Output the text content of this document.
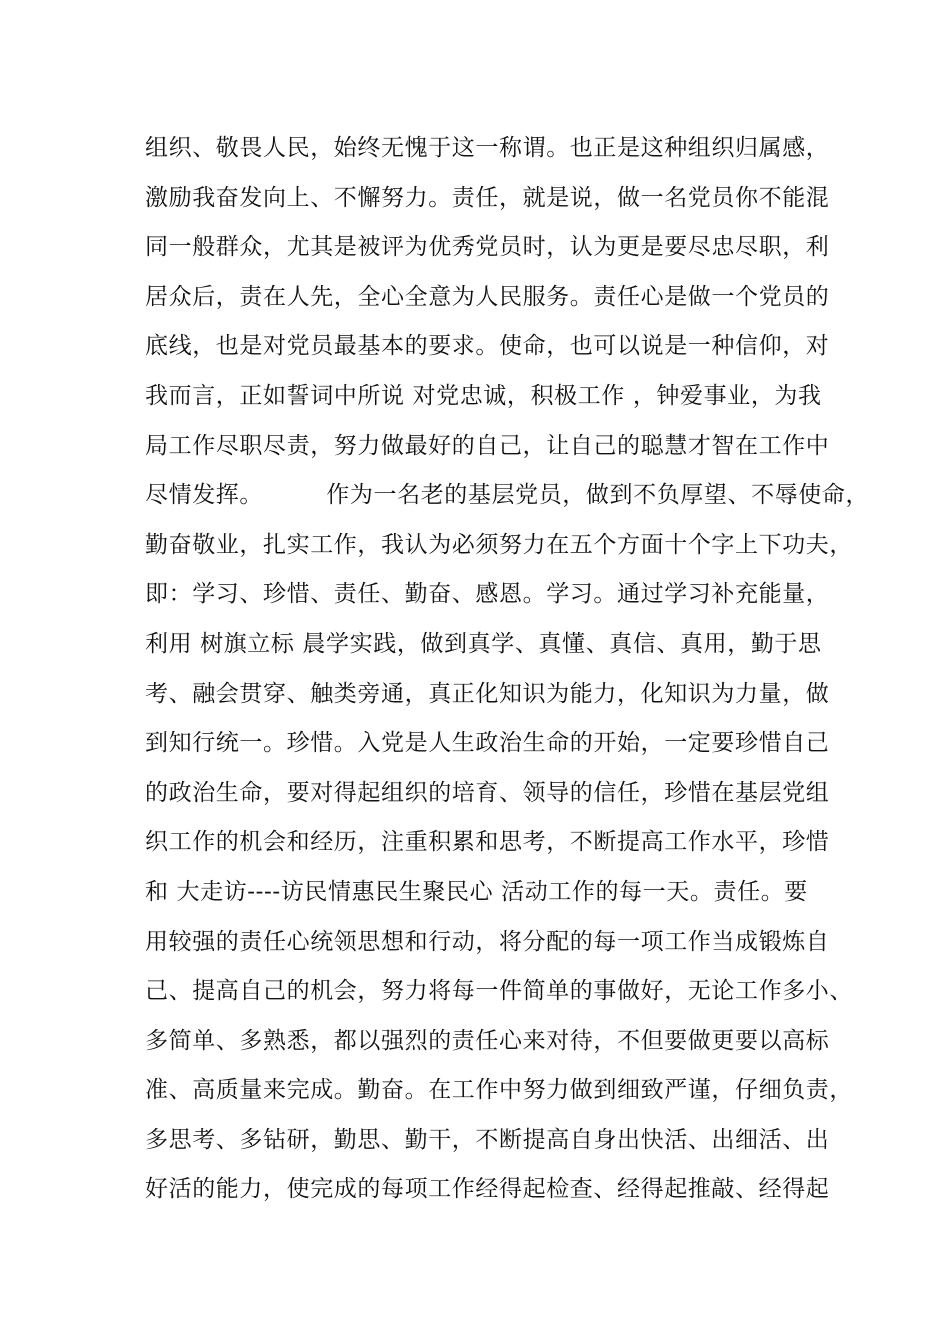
组织、敬畏人民，始终无愧于这一称谓。也正是这种组织归属感，
激励我奋发向上、不懈努力。责任，就是说，做一名党员你不能混
同一般群众，尤其是被评为优秀党员时，认为更是要尽忠尽职，利
居众后，责在人先，全心全意为人民服务。责任心是做一个党员的
底线，也是对党员最基本的要求。使命，也可以说是一种信仰，对
我而言，正如誓词中所说 对党忠诚，积极工作 ，钟爱事业，为我
局工作尽职尽责，努力做最好的自己，让自己的聪慧才智在工作中
尽情发挥。        作为一名老的基层党员，做到不负厚望、不辱使命，
勤奋敬业，扎实工作，我认为必须努力在五个方面十个字上下功夫，
即：学习、珍惜、责任、勤奋、感恩。学习。通过学习补充能量，
利用 树旗立标 晨学实践，做到真学、真懂、真信、真用，勤于思
考、融会贯穿、触类旁通，真正化知识为能力，化知识为力量，做
到知行统一。珍惜。入党是人生政治生命的开始，一定要珍惜自己
的政治生命，要对得起组织的培育、领导的信任，珍惜在基层党组
织工作的机会和经历，注重积累和思考，不断提高工作水平，珍惜
和 大走访----访民情惠民生聚民心 活动工作的每一天。责任。要
用较强的责任心统领思想和行动，将分配的每一项工作当成锻炼自
己、提高自己的机会，努力将每一件简单的事做好，无论工作多小、
多简单、多熟悉，都以强烈的责任心来对待，不但要做更要以高标
准、高质量来完成。勤奋。在工作中努力做到细致严谨，仔细负责，
多思考、多钻研，勤思、勤干，不断提高自身出快活、出细活、出
好活的能力，使完成的每项工作经得起检查、经得起推敲、经得起
